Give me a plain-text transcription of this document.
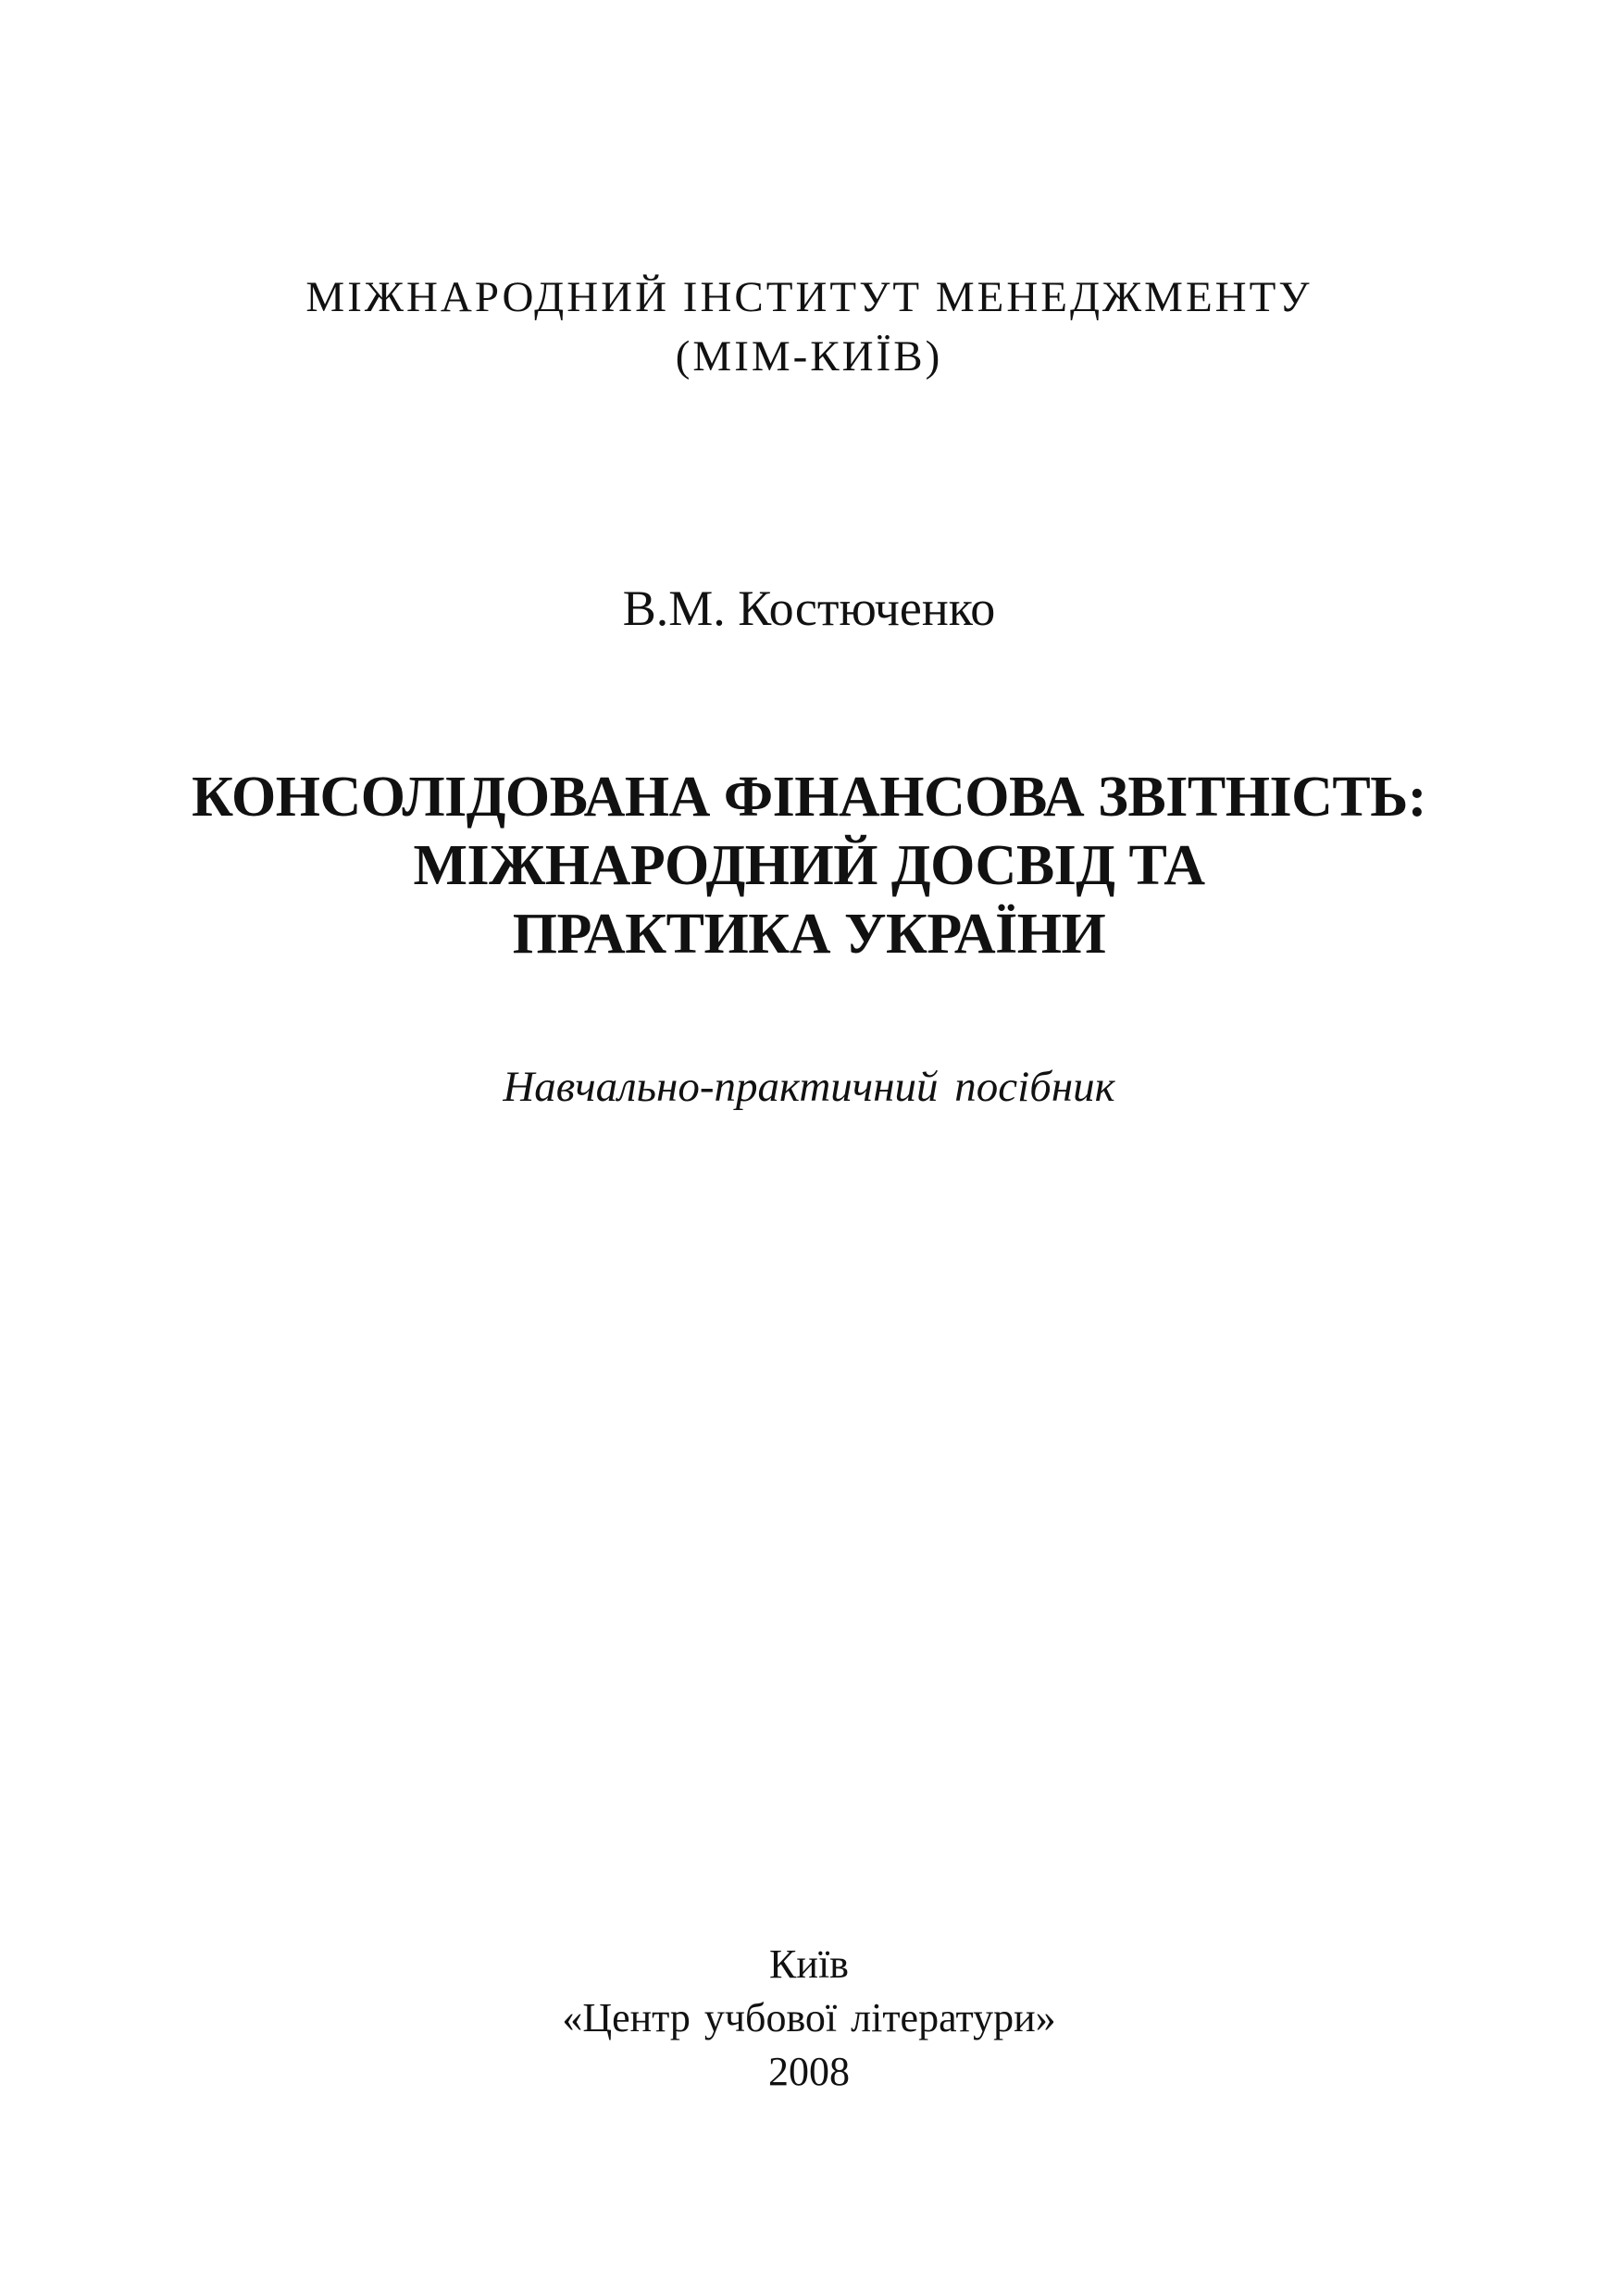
МІЖНАРОДНИЙ ІНСТИТУТ МЕНЕДЖМЕНТУ
(МІМ-КИЇВ)
В.М. Костюченко
КОНСОЛІДОВАНА ФІНАНСОВА ЗВІТНІСТЬ:
МІЖНАРОДНИЙ ДОСВІД ТА
ПРАКТИКА УКРАЇНИ
Навчально-практичний посібник
Київ
«Центр учбової літератури»
2008
